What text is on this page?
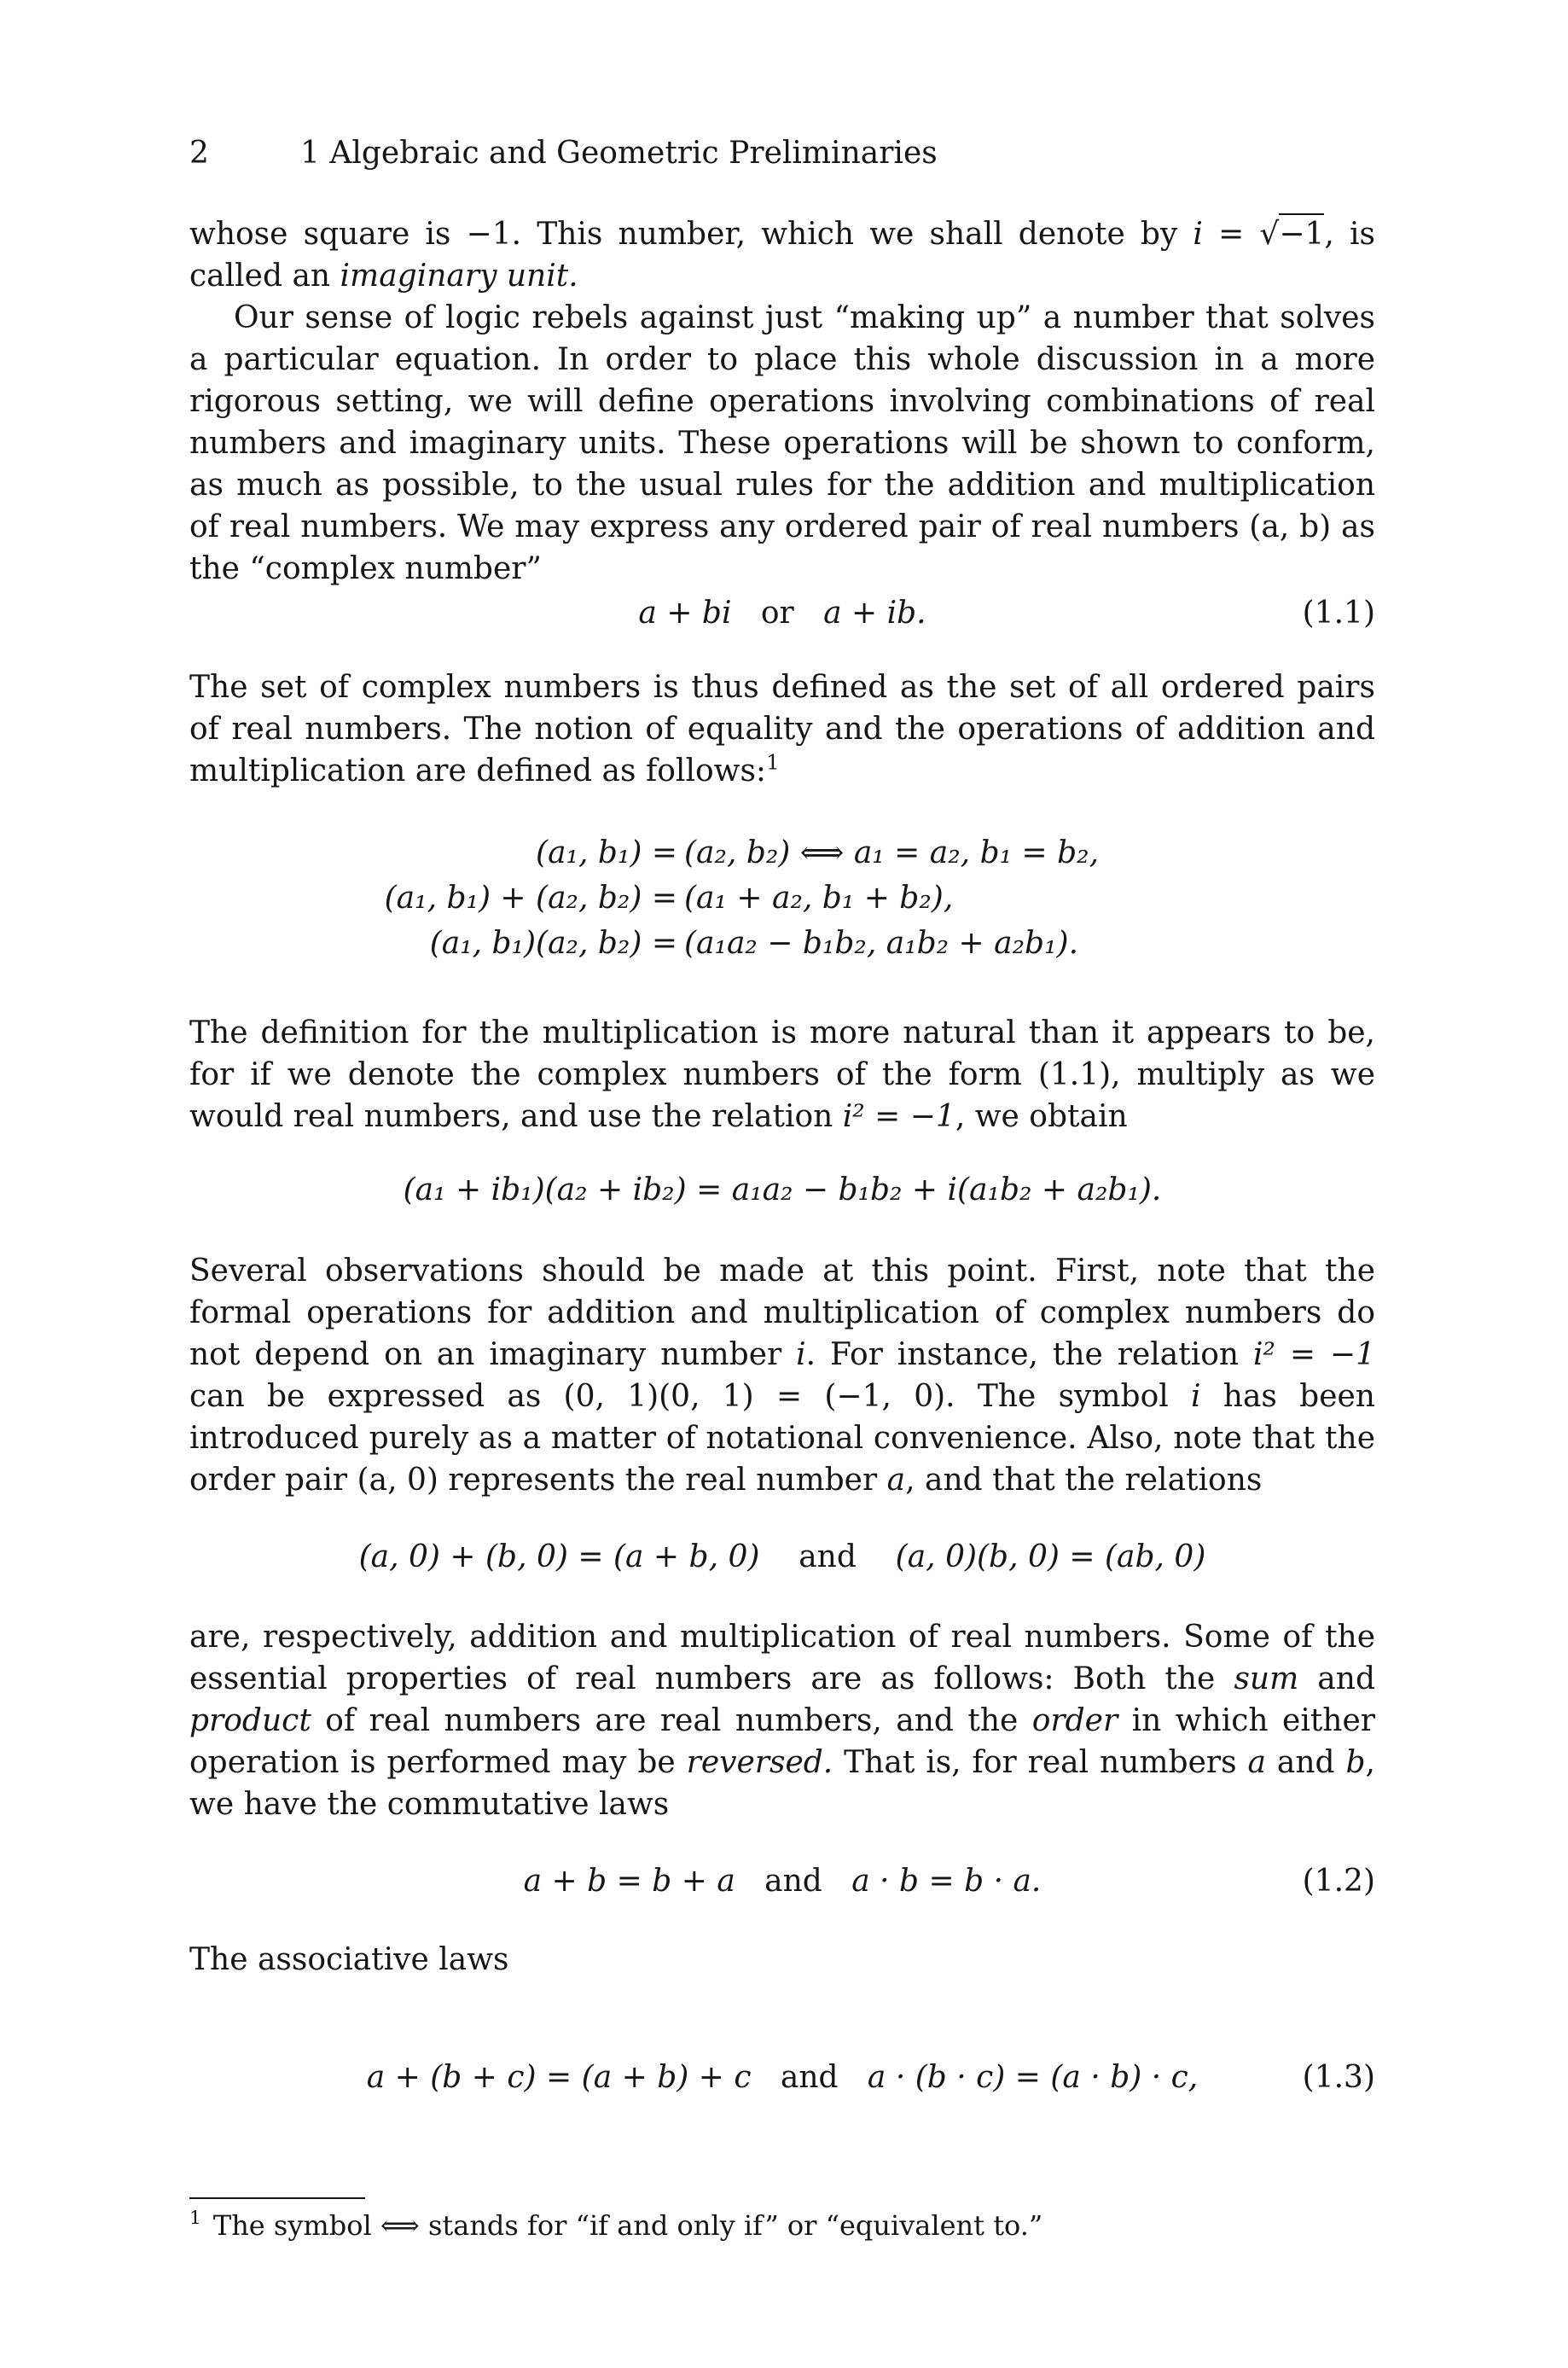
2	1 Algebraic and Geometric Preliminaries
whose square is −1. This number, which we shall denote by i = √−1, is called an imaginary unit.
Our sense of logic rebels against just “making up” a number that solves a particular equation. In order to place this whole discussion in a more rigorous setting, we will define operations involving combinations of real numbers and imaginary units. These operations will be shown to conform, as much as possible, to the usual rules for the addition and multiplication of real numbers. We may express any ordered pair of real numbers (a, b) as the “complex number”
a + bi or a + ib.	(1.1)
The set of complex numbers is thus defined as the set of all ordered pairs of real numbers. The notion of equality and the operations of addition and multiplication are defined as follows:$^1$
(a₁, b₁) = (a₂, b₂) ⟺ a₁ = a₂, b₁ = b₂,
(a₁, b₁) + (a₂, b₂) = (a₁ + a₂, b₁ + b₂),
(a₁, b₁)(a₂, b₂) = (a₁a₂ − b₁b₂, a₁b₂ + a₂b₁).
The definition for the multiplication is more natural than it appears to be, for if we denote the complex numbers of the form (1.1), multiply as we would real numbers, and use the relation i² = −1, we obtain
(a₁ + ib₁)(a₂ + ib₂) = a₁a₂ − b₁b₂ + i(a₁b₂ + a₂b₁).
Several observations should be made at this point. First, note that the formal operations for addition and multiplication of complex numbers do not depend on an imaginary number i. For instance, the relation i² = −1 can be expressed as (0, 1)(0, 1) = (−1, 0). The symbol i has been introduced purely as a matter of notational convenience. Also, note that the order pair (a, 0) represents the real number a, and that the relations
(a, 0) + (b, 0) = (a + b, 0) and (a, 0)(b, 0) = (ab, 0)
are, respectively, addition and multiplication of real numbers. Some of the essential properties of real numbers are as follows: Both the sum and product of real numbers are real numbers, and the order in which either operation is performed may be reversed. That is, for real numbers a and b, we have the commutative laws
a + b = b + a and a · b = b · a.	(1.2)
The associative laws
a + (b + c) = (a + b) + c and a · (b · c) = (a · b) · c,	(1.3)
$^1$ The symbol ⟺ stands for “if and only if” or “equivalent to.”
